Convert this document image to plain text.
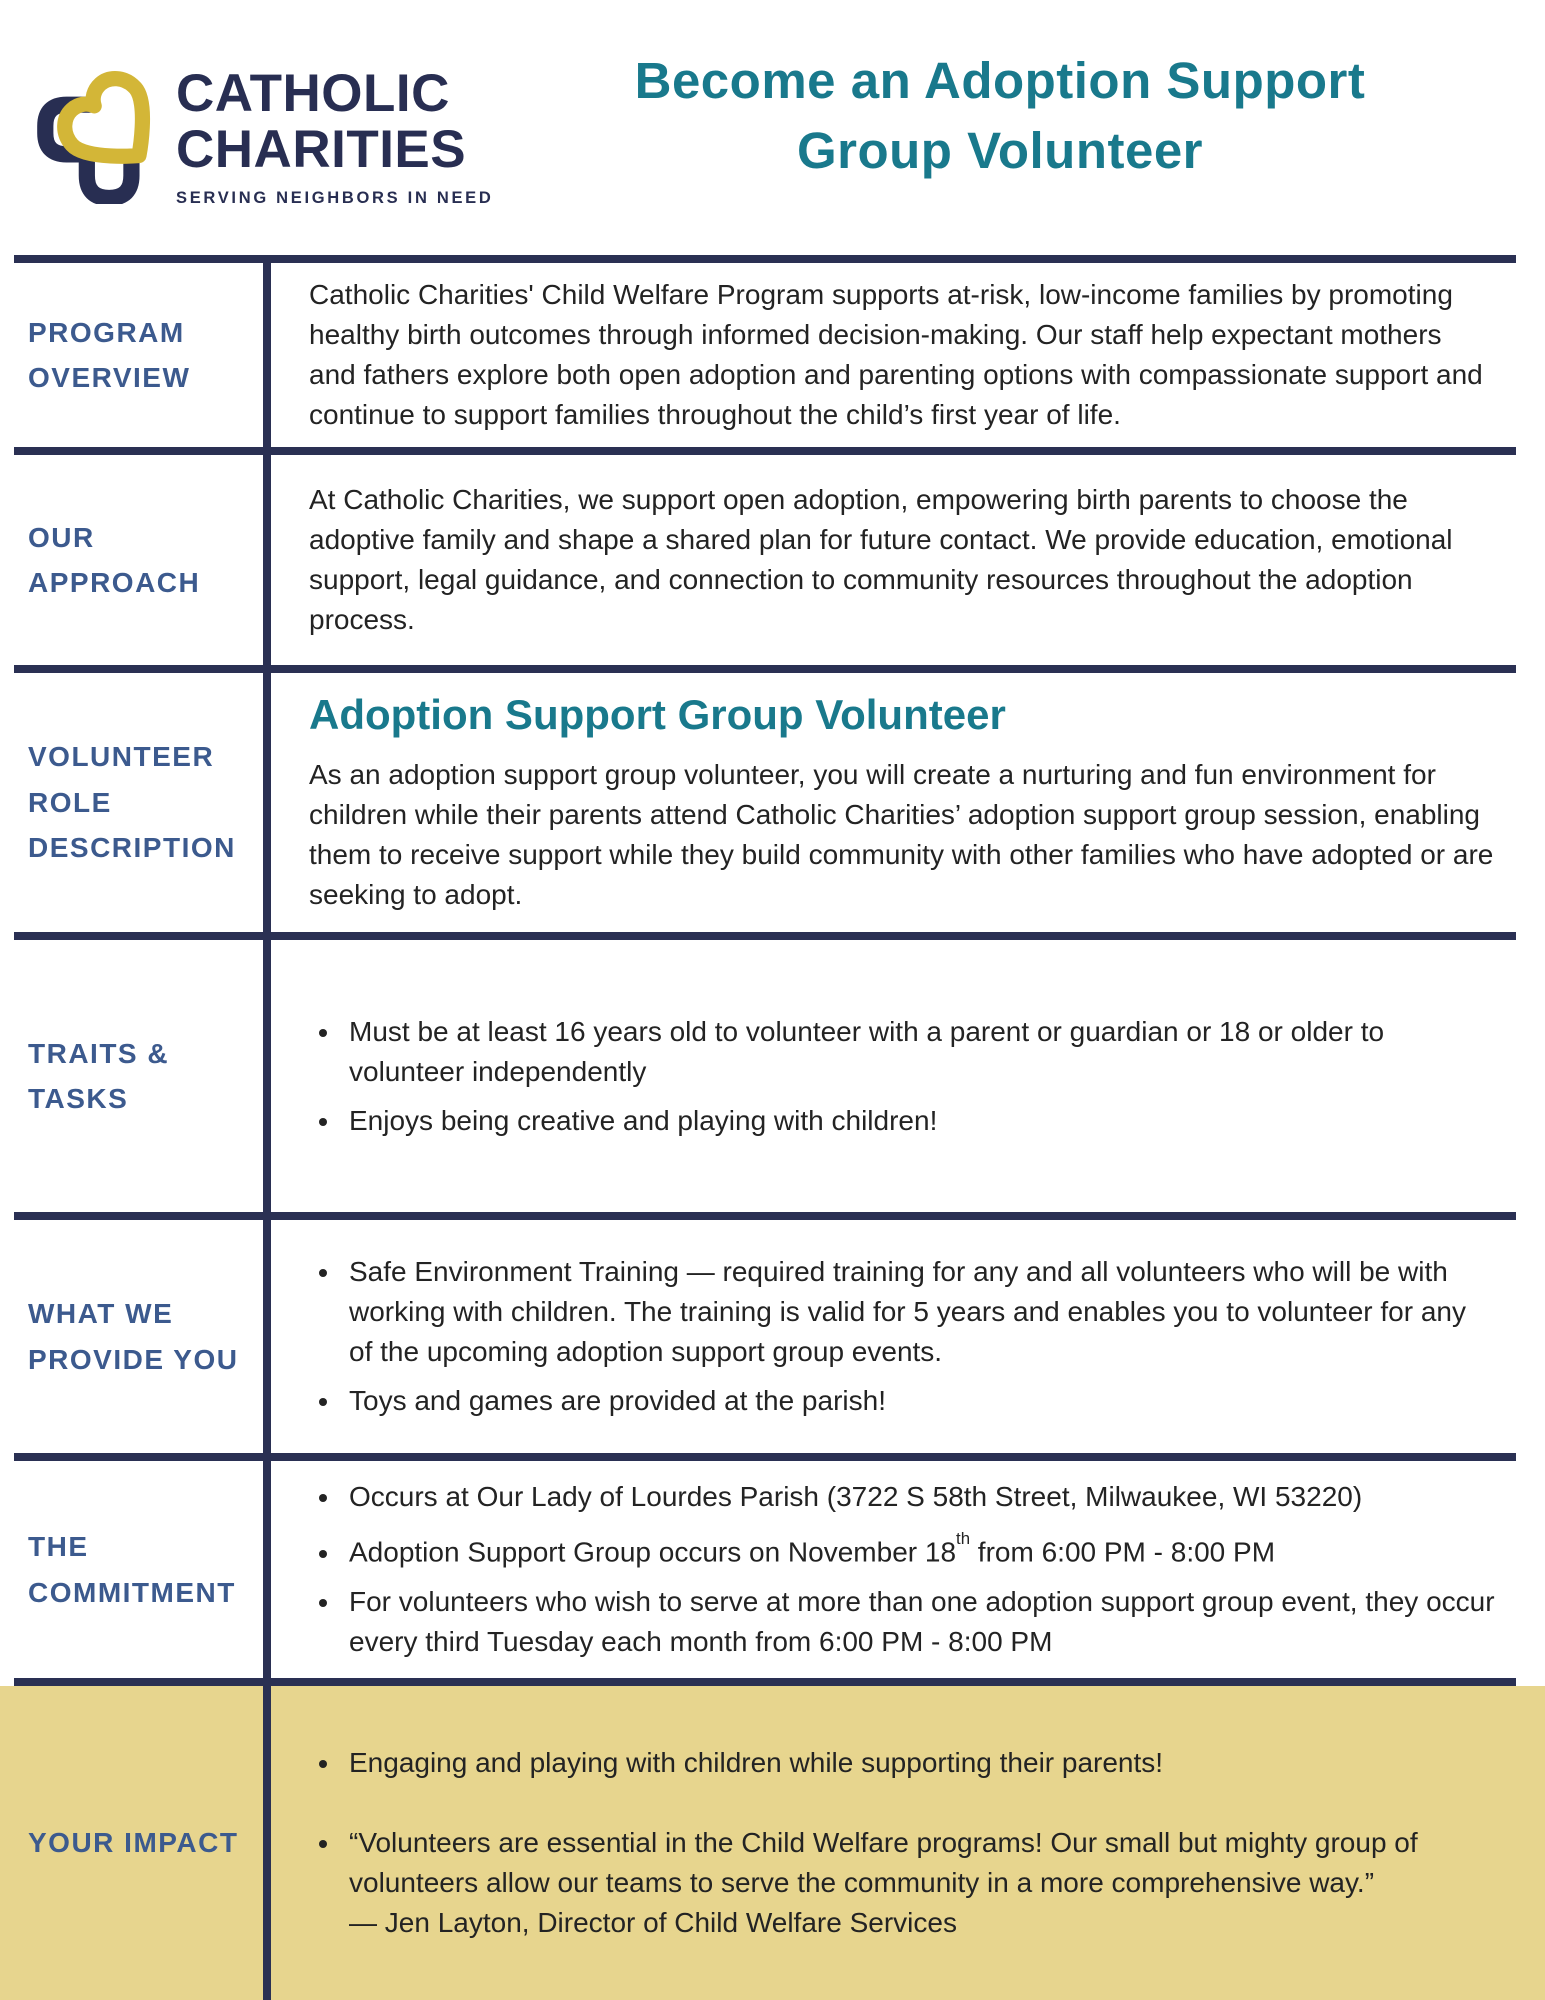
CATHOLIC
CHARITIES
SERVING NEIGHBORS IN NEED
Become an Adoption Support
Group Volunteer
PROGRAM OVERVIEW

Catholic Charities' Child Welfare Program supports at-risk, low-income families by promoting healthy birth outcomes through informed decision-making. Our staff help expectant mothers and fathers explore both open adoption and parenting options with compassionate support and continue to support families throughout the child’s first year of life.

OUR APPROACH

At Catholic Charities, we support open adoption, empowering birth parents to choose the adoptive family and shape a shared plan for future contact. We provide education, emotional support, legal guidance, and connection to community resources throughout the adoption process.

VOLUNTEER ROLE DESCRIPTION
Adoption Support Group Volunteer

As an adoption support group volunteer, you will create a nurturing and fun environment for children while their parents attend Catholic Charities’ adoption support group session, enabling them to receive support while they build community with other families who have adopted or are seeking to adopt.

TRAITS & TASKS
• Must be at least 16 years old to volunteer with a parent or guardian or 18 or older to volunteer independently
• Enjoys being creative and playing with children!
WHAT WE PROVIDE YOU
• Safe Environment Training — required training for any and all volunteers who will be with working with children. The training is valid for 5 years and enables you to volunteer for any of the upcoming adoption support group events.
• Toys and games are provided at the parish!
THE COMMITMENT
• Occurs at Our Lady of Lourdes Parish (3722 S 58th Street, Milwaukee, WI 53220)
• Adoption Support Group occurs on November 18th from 6:00 PM - 8:00 PM
• For volunteers who wish to serve at more than one adoption support group event, they occur every third Tuesday each month from 6:00 PM - 8:00 PM
YOUR IMPACT
• Engaging and playing with children while supporting their parents!
• “Volunteers are essential in the Child Welfare programs! Our small but mighty group of volunteers allow our teams to serve the community in a more comprehensive way.”
— Jen Layton, Director of Child Welfare Services
